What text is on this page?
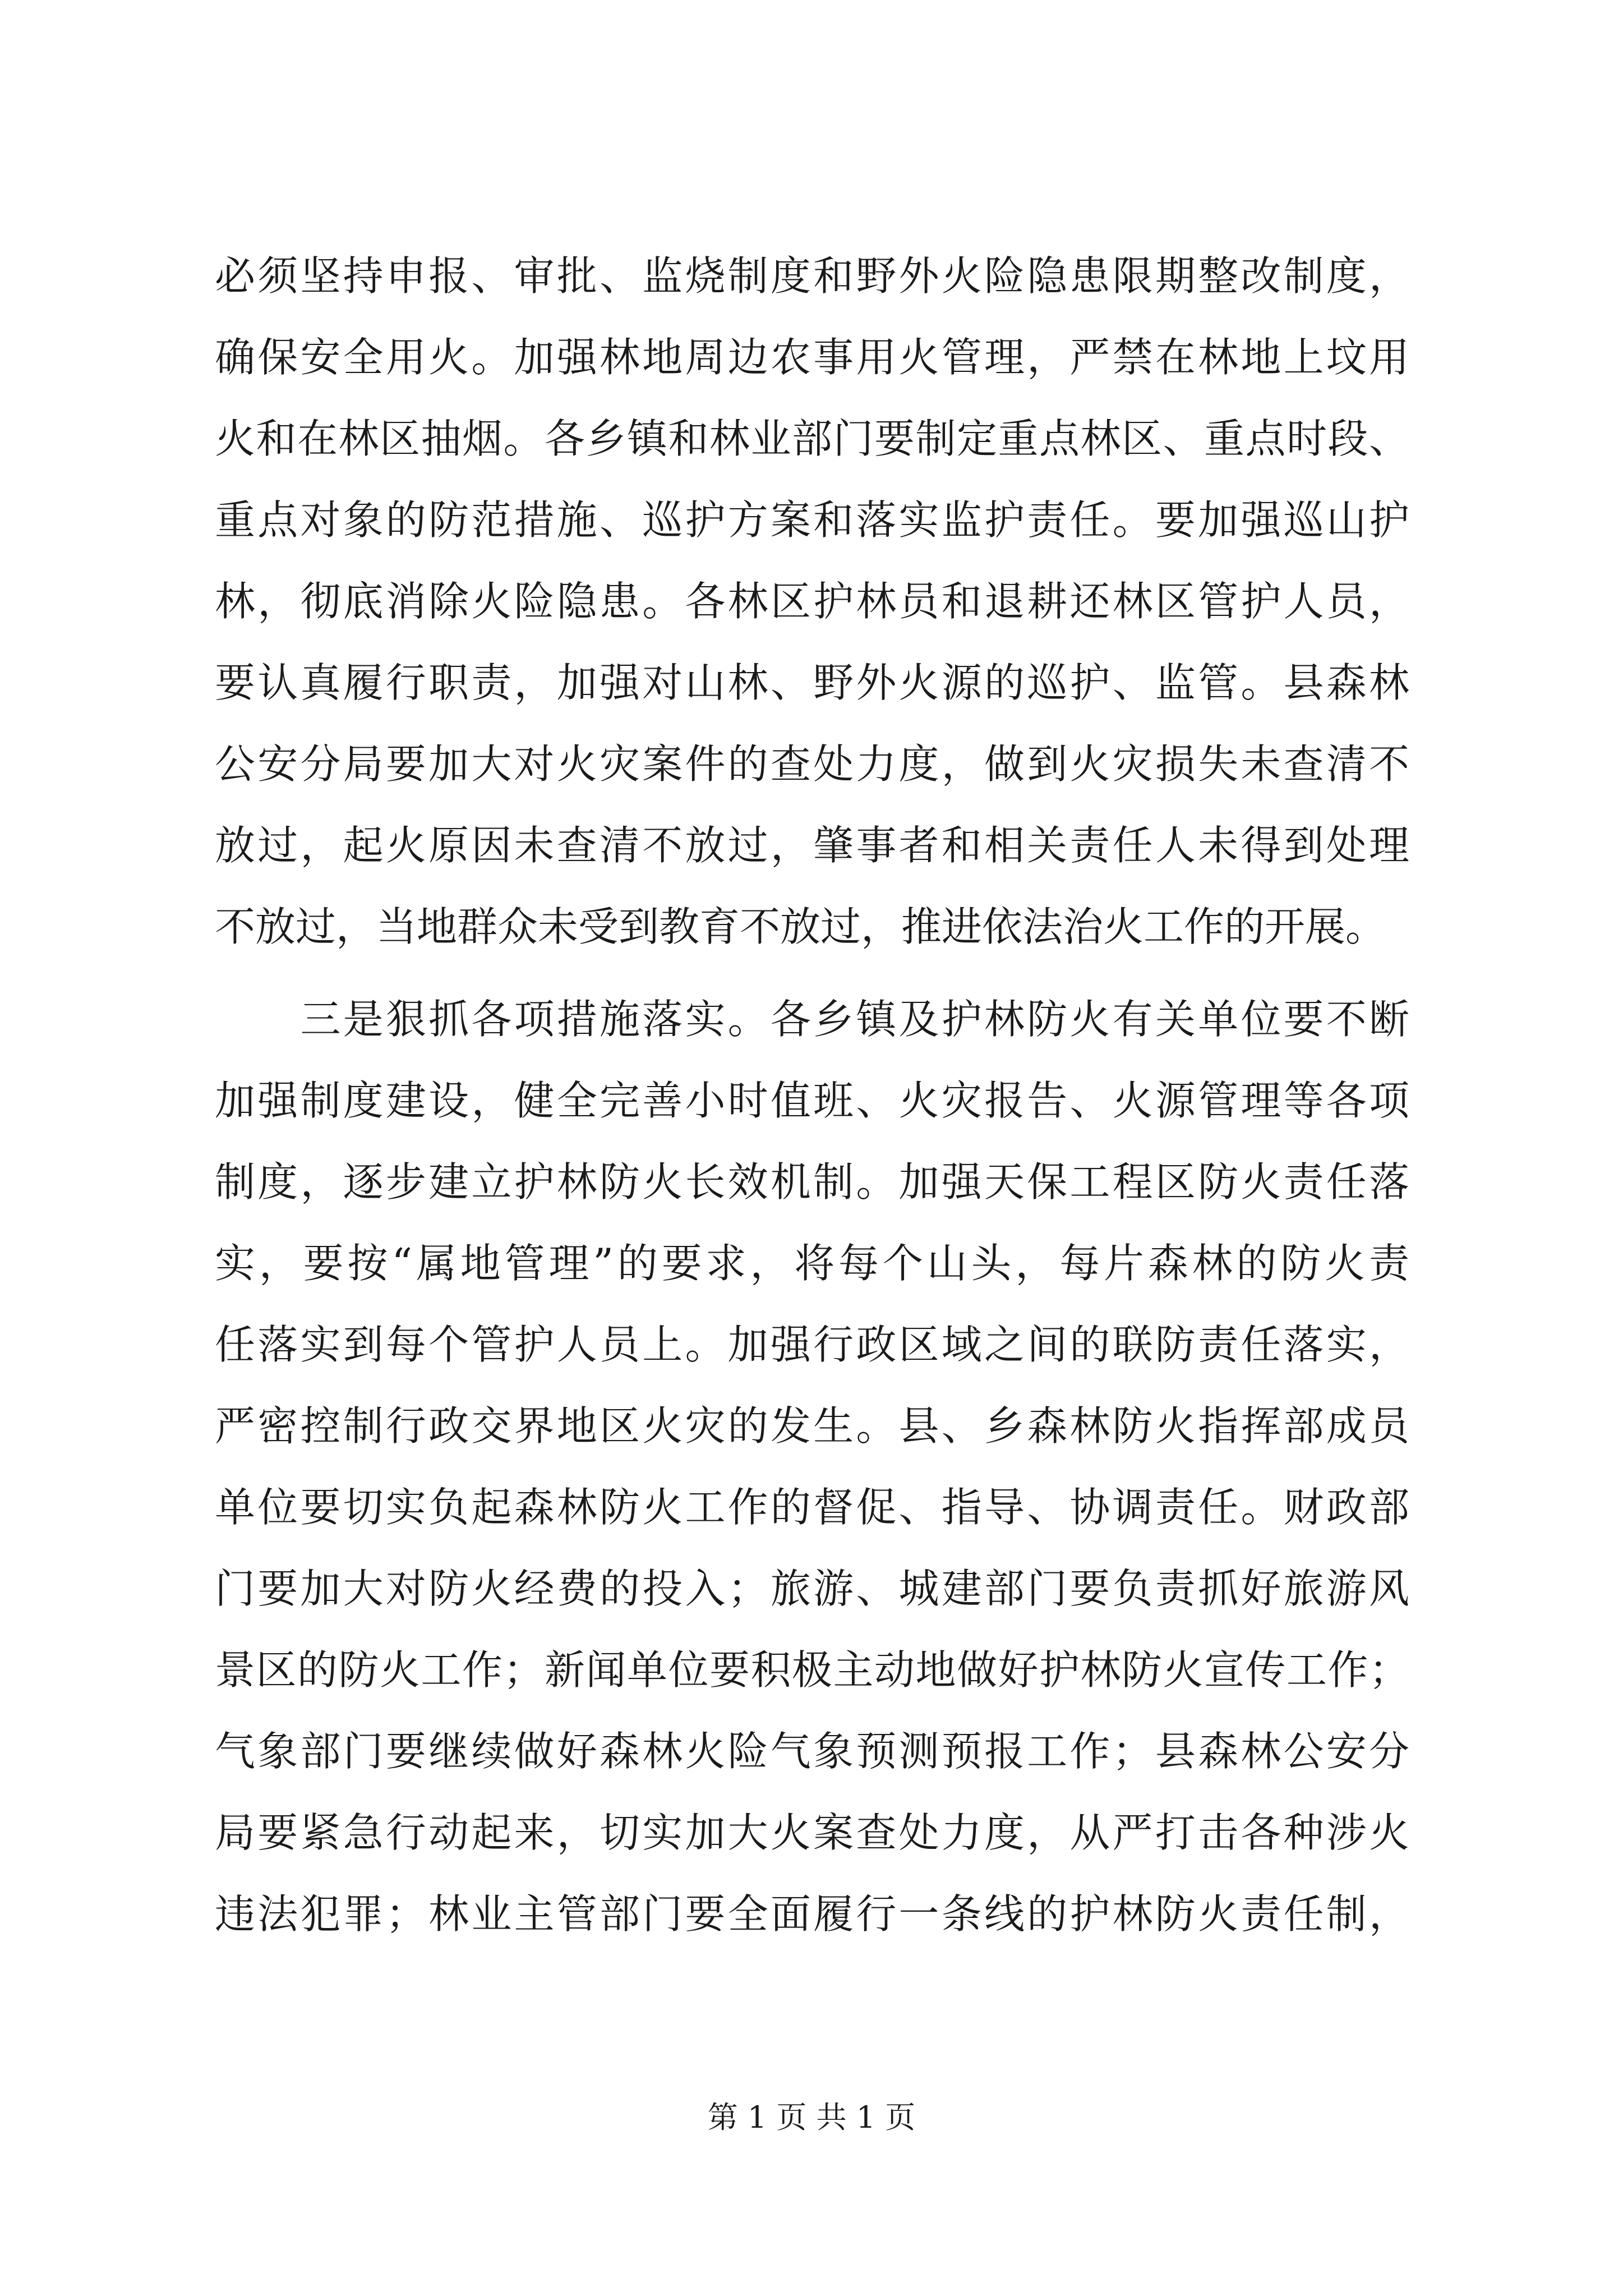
必须坚持申报、审批、监烧制度和野外火险隐患限期整改制度，
确保安全用火。加强林地周边农事用火管理，严禁在林地上坟用
火和在林区抽烟。各乡镇和林业部门要制定重点林区、重点时段、
重点对象的防范措施、巡护方案和落实监护责任。要加强巡山护
林，彻底消除火险隐患。各林区护林员和退耕还林区管护人员，
要认真履行职责，加强对山林、野外火源的巡护、监管。县森林
公安分局要加大对火灾案件的查处力度，做到火灾损失未查清不
放过，起火原因未查清不放过，肇事者和相关责任人未得到处理
不放过，当地群众未受到教育不放过，推进依法治火工作的开展。
　　三是狠抓各项措施落实。各乡镇及护林防火有关单位要不断
加强制度建设，健全完善小时值班、火灾报告、火源管理等各项
制度，逐步建立护林防火长效机制。加强天保工程区防火责任落
实，要按“属地管理”的要求，将每个山头，每片森林的防火责
任落实到每个管护人员上。加强行政区域之间的联防责任落实，
严密控制行政交界地区火灾的发生。县、乡森林防火指挥部成员
单位要切实负起森林防火工作的督促、指导、协调责任。财政部
门要加大对防火经费的投入；旅游、城建部门要负责抓好旅游风
景区的防火工作；新闻单位要积极主动地做好护林防火宣传工作；
气象部门要继续做好森林火险气象预测预报工作；县森林公安分
局要紧急行动起来，切实加大火案查处力度，从严打击各种涉火
违法犯罪；林业主管部门要全面履行一条线的护林防火责任制，
第 1 页 共 1 页
